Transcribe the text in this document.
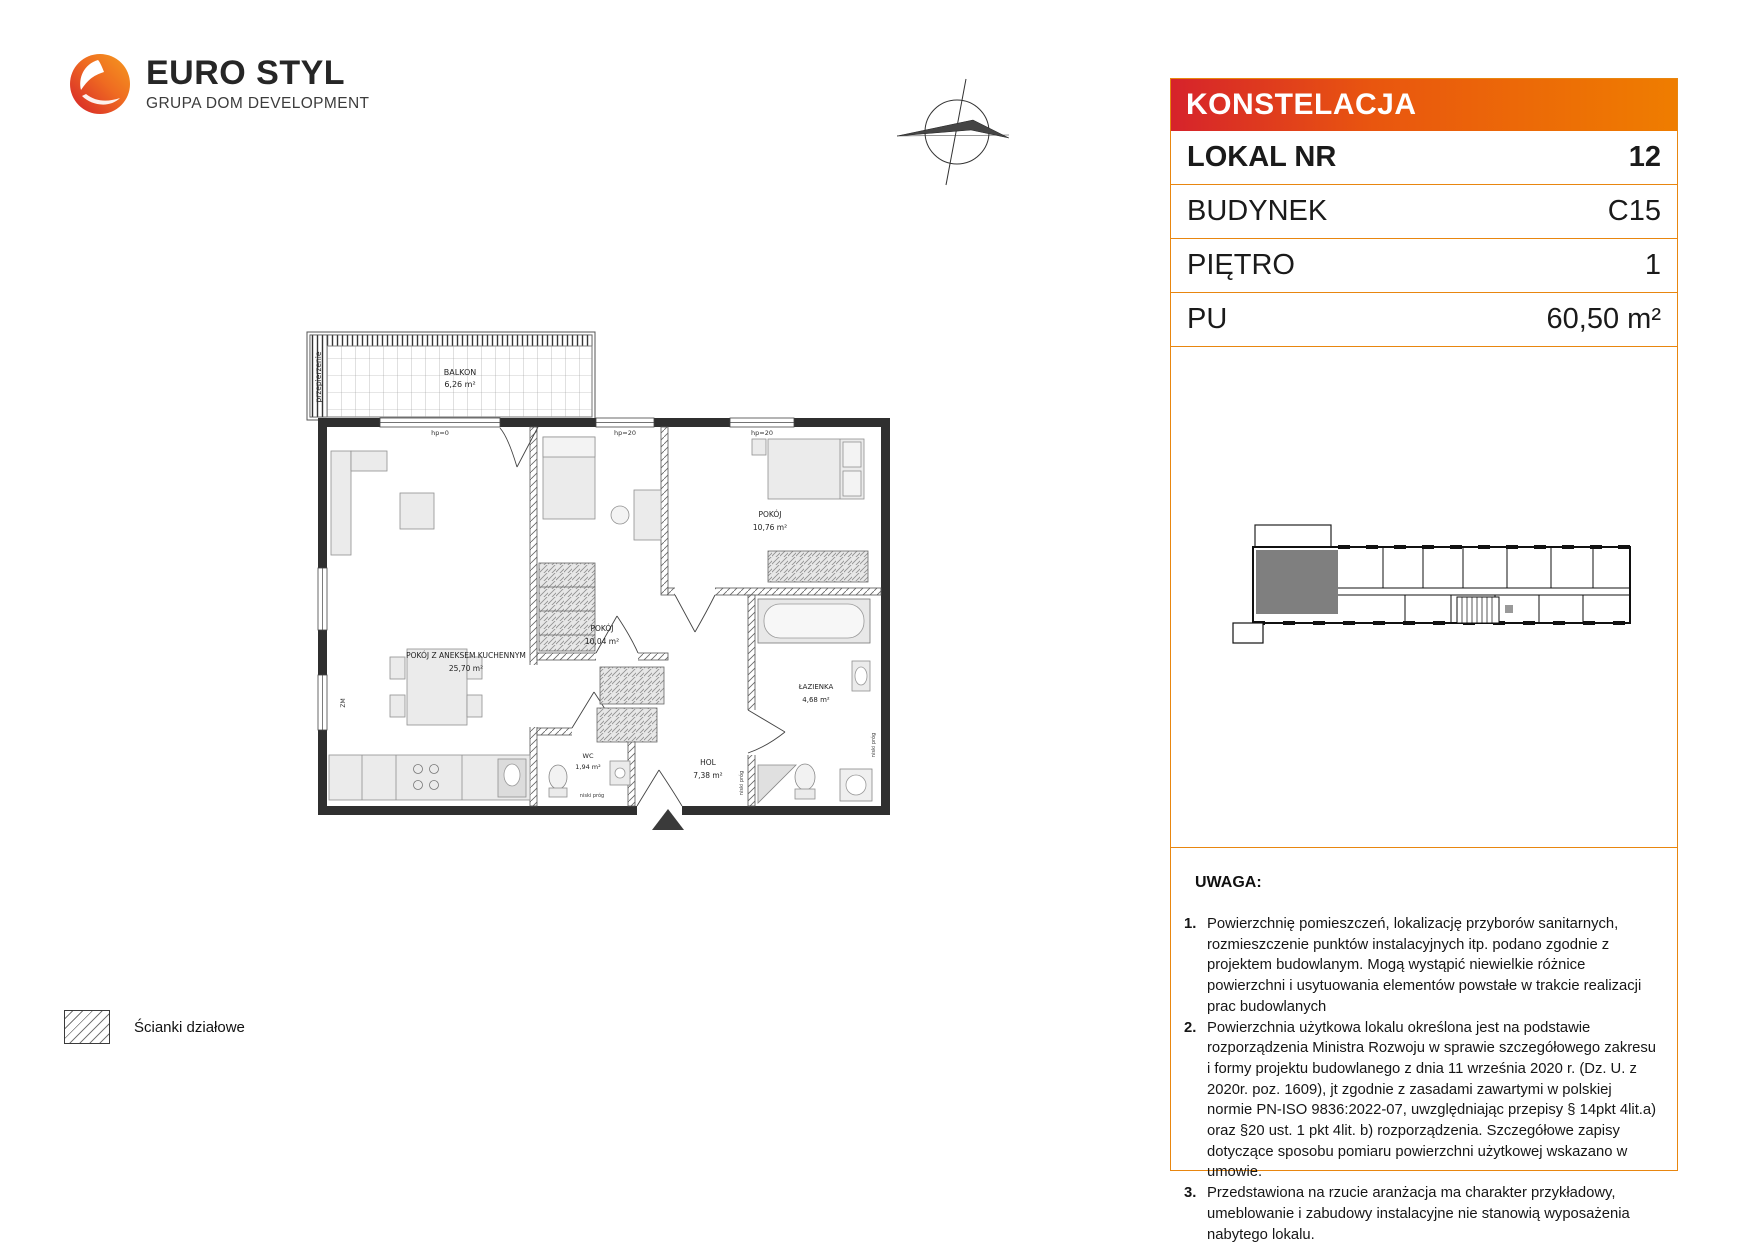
EURO STYL
GRUPA DOM DEVELOPMENT	KONSTELACJA
LOKAL NR	12
BUDYNEK	C15
PIĘTRO	1
PU	60,50 m²
UWAGA:
1. Powierzchnię pomieszczeń, lokalizację przyborów sanitarnych, rozmieszczenie punktów instalacyjnych itp. podano zgodnie z projektem budowlanym. Mogą wystąpić niewielkie różnice powierzchni i usytuowania elementów powstałe w trakcie realizacji prac budowlanych
2. Powierzchnia użytkowa lokalu określona jest na podstawie rozporządzenia Ministra Rozwoju w sprawie szczegółowego zakresu i formy projektu budowlanego z dnia 11 września 2020 r. (Dz. U. z 2020r. poz. 1609), jt zgodnie z zasadami zawartymi w polskiej normie PN-ISO 9836:2022-07, uwzględniając przepisy § 14pkt 4lit.a) oraz §20 ust. 1 pkt 4lit. b) rozporządzenia. Szczegółowe zapisy dotyczące sposobu pomiaru powierzchni użytkowej wskazano w umowie.
3. Przedstawiona na rzucie aranżacja ma charakter przykładowy, umeblowanie i zabudowy instalacyjne nie stanowią wyposażenia nabytego lokalu.
BALKON
6,26 m²
przepierzenie
hp=0	hp=20	hp=20
ZM
POKÓJ Z ANEKSEM KUCHENNYM
25,70 m²
POKÓJ
10,04 m²
POKÓJ
10,76 m²
HOL
7,38 m²
ŁAZIENKA
4,68 m²
WC
1,94 m²
niski próg
niski próg
niski próg
Ścianki działowe
